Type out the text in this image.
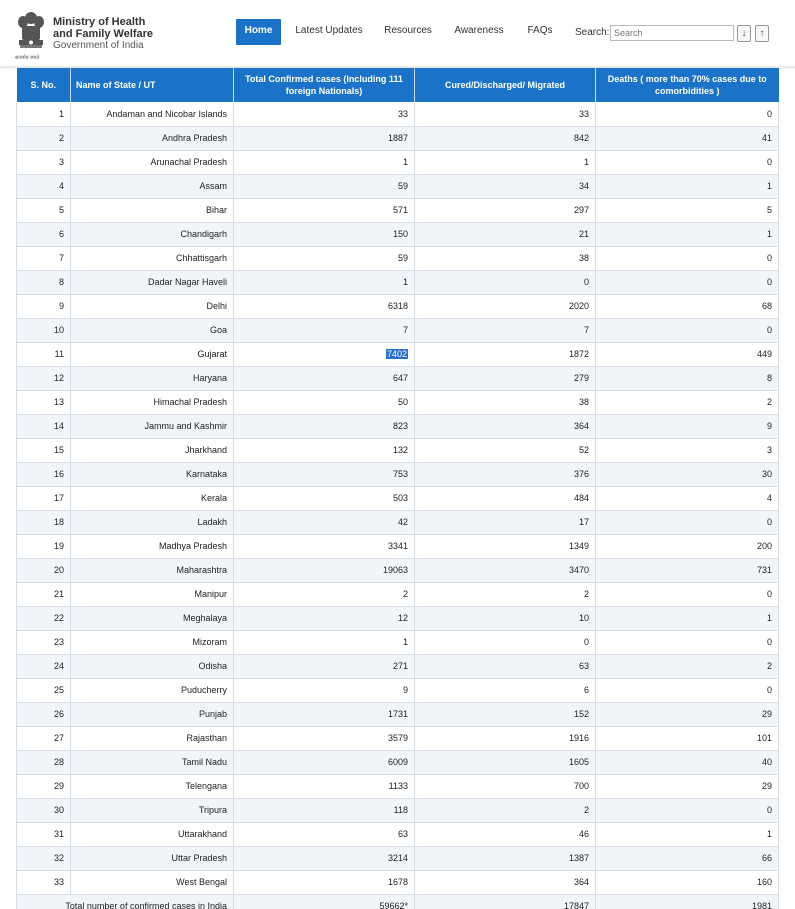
Ministry of Health
and Family Welfare
Government of India
सत्यमेव जयते
Home	Latest Updates Resources Awareness FAQs Search:
Search	↓	↑
S. No.	Name of State / UT	Total Confirmed cases (Including 111 foreign Nationals)	Cured/Discharged/ Migrated	Deaths ( more than 70% cases due to comorbidities )
1	Andaman and Nicobar Islands	33	33	0
2	Andhra Pradesh	1887	842	41
3	Arunachal Pradesh	1	1	0
4	Assam	59	34	1
5	Bihar	571	297	5
6	Chandigarh	150	21	1
7	Chhattisgarh	59	38	0
8	Dadar Nagar Haveli	1	0	0
9	Delhi	6318	2020	68
10	Goa	7	7	0
11	Gujarat	7402	1872	449
12	Haryana	647	279	8
13	Himachal Pradesh	50	38	2
14	Jammu and Kashmir	823	364	9
15	Jharkhand	132	52	3
16	Karnataka	753	376	30
17	Kerala	503	484	4
18	Ladakh	42	17	0
19	Madhya Pradesh	3341	1349	200
20	Maharashtra	19063	3470	731
21	Manipur	2	2	0
22	Meghalaya	12	10	1
23	Mizoram	1	0	0
24	Odisha	271	63	2
25	Puducherry	9	6	0
26	Punjab	1731	152	29
27	Rajasthan	3579	1916	101
28	Tamil Nadu	6009	1605	40
29	Telengana	1133	700	29
30	Tripura	118	2	0
31	Uttarakhand	63	46	1
32	Uttar Pradesh	3214	1387	66
33	West Bengal	1678	364	160
Total number of confirmed cases in India		59662*	17847	1981
